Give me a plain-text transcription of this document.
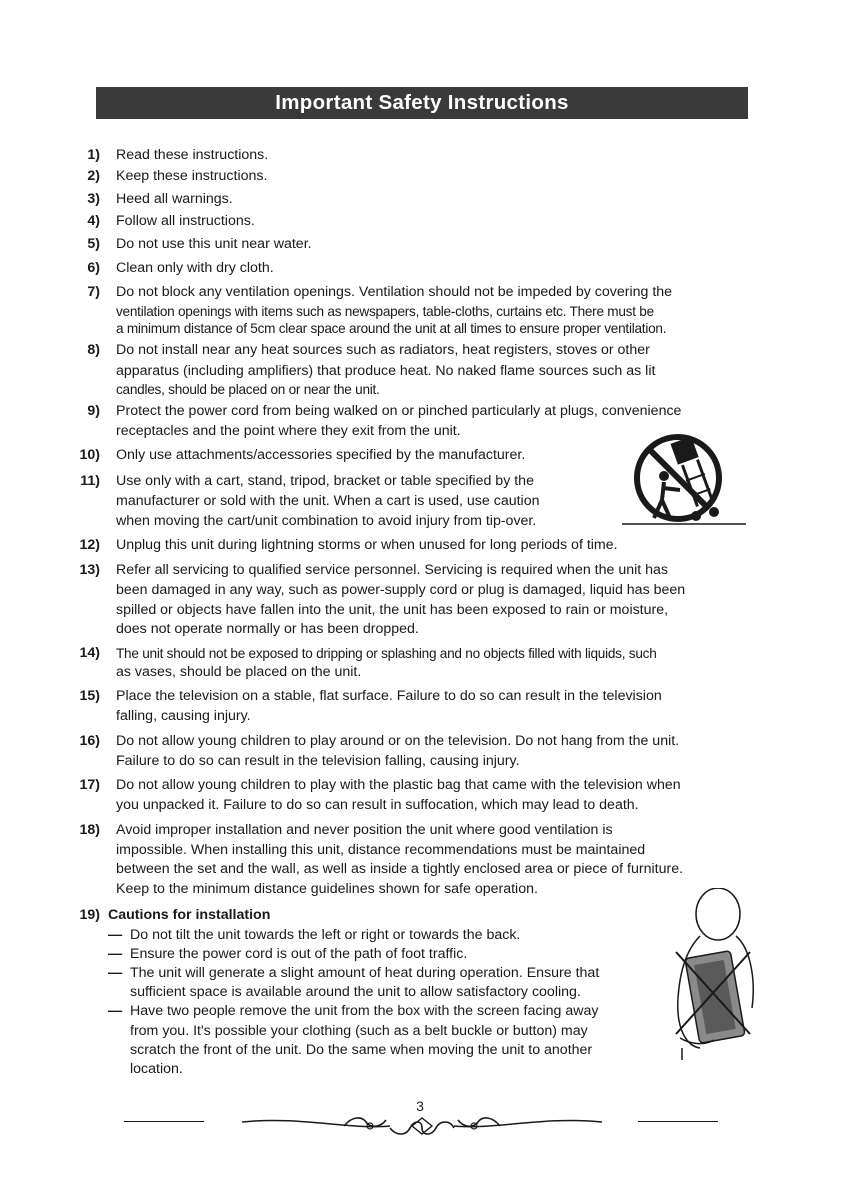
Important Safety Instructions
1) Read these instructions.
2) Keep these instructions.
3) Heed all warnings.
4) Follow all instructions.
5) Do not use this unit near water.
6) Clean only with dry cloth.
7) Do not block any ventilation openings. Ventilation should not be impeded by covering the
ventilation openings with items such as newspapers, table-cloths, curtains etc. There must be
a minimum distance of 5cm clear space around the unit at all times to ensure proper ventilation.
8) Do not install near any heat sources such as radiators, heat registers, stoves or other
apparatus (including amplifiers) that produce heat. No naked flame sources such as lit
candles, should be placed on or near the unit.
9) Protect the power cord from being walked on or pinched particularly at plugs, convenience
receptacles and the point where they exit from the unit.
10) Only use attachments/accessories specified by the manufacturer.
11) Use only with a cart, stand, tripod, bracket or table specified by the
manufacturer or sold with the unit. When a cart is used, use caution
when moving the cart/unit combination to avoid injury from tip-over.
12) Unplug this unit during lightning storms or when unused for long periods of time.
13) Refer all servicing to qualified service personnel. Servicing is required when the unit has
been damaged in any way, such as power-supply cord or plug is damaged, liquid has been
spilled or objects have fallen into the unit, the unit has been exposed to rain or moisture,
does not operate normally or has been dropped.
14) The unit should not be exposed to dripping or splashing and no objects filled with liquids, such
as vases, should be placed on the unit.
15) Place the television on a stable, flat surface. Failure to do so can result in the television
falling, causing injury.
16) Do not allow young children to play around or on the television. Do not hang from the unit.
Failure to do so can result in the television falling, causing injury.
17) Do not allow young children to play with the plastic bag that came with the television when
you unpacked it. Failure to do so can result in suffocation, which may lead to death.
18) Avoid improper installation and never position the unit where good ventilation is
impossible. When installing this unit, distance recommendations must be maintained
between the set and the wall, as well as inside a tightly enclosed area or piece of furniture.
Keep to the minimum distance guidelines shown for safe operation.
19) Cautions for installation
— Do not tilt the unit towards the left or right or towards the back.
— Ensure the power cord is out of the path of foot traffic.
— The unit will generate a slight amount of heat during operation. Ensure that
sufficient space is available around the unit to allow satisfactory cooling.
— Have two people remove the unit from the box with the screen facing away
from you. It's possible your clothing (such as a belt buckle or button) may
scratch the front of the unit. Do the same when moving the unit to another
location.
3
